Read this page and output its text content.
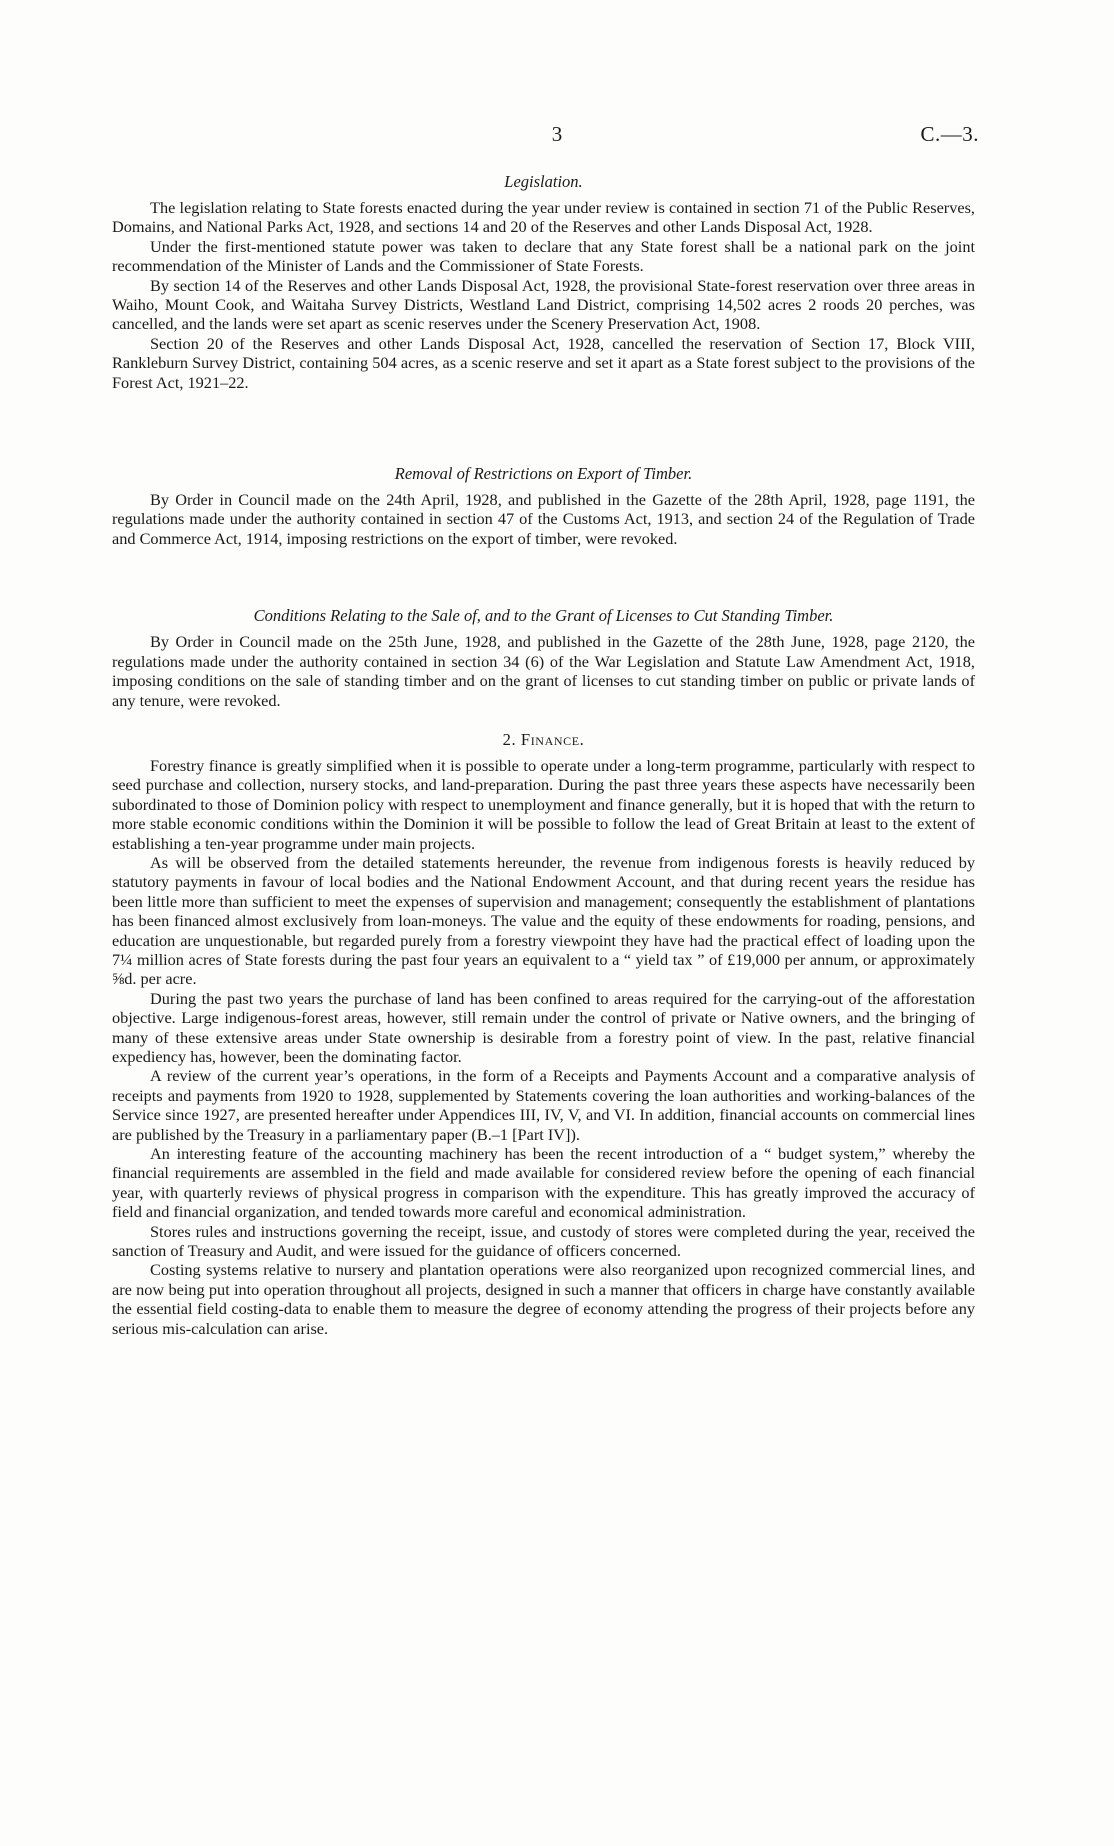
3	C.—3.
Legislation.

The legislation relating to State forests enacted during the year under review is contained in section 71 of the Public Reserves, Domains, and National Parks Act, 1928, and sections 14 and 20 of the Reserves and other Lands Disposal Act, 1928.

Under the first-mentioned statute power was taken to declare that any State forest shall be a national park on the joint recommendation of the Minister of Lands and the Commissioner of State Forests.

By section 14 of the Reserves and other Lands Disposal Act, 1928, the provisional State-forest reservation over three areas in Waiho, Mount Cook, and Waitaha Survey Districts, Westland Land District, comprising 14,502 acres 2 roods 20 perches, was cancelled, and the lands were set apart as scenic reserves under the Scenery Preservation Act, 1908.

Section 20 of the Reserves and other Lands Disposal Act, 1928, cancelled the reservation of Section 17, Block VIII, Rankleburn Survey District, containing 504 acres, as a scenic reserve and set it apart as a State forest subject to the provisions of the Forest Act, 1921–22.

Removal of Restrictions on Export of Timber.

By Order in Council made on the 24th April, 1928, and published in the Gazette of the 28th April, 1928, page 1191, the regulations made under the authority contained in section 47 of the Customs Act, 1913, and section 24 of the Regulation of Trade and Commerce Act, 1914, imposing restrictions on the export of timber, were revoked.

Conditions Relating to the Sale of, and to the Grant of Licenses to Cut Standing Timber.

By Order in Council made on the 25th June, 1928, and published in the Gazette of the 28th June, 1928, page 2120, the regulations made under the authority contained in section 34 (6) of the War Legislation and Statute Law Amendment Act, 1918, imposing conditions on the sale of standing timber and on the grant of licenses to cut standing timber on public or private lands of any tenure, were revoked.

2. Finance.

Forestry finance is greatly simplified when it is possible to operate under a long-term programme, particularly with respect to seed purchase and collection, nursery stocks, and land-preparation. During the past three years these aspects have necessarily been subordinated to those of Dominion policy with respect to unemployment and finance generally, but it is hoped that with the return to more stable economic conditions within the Dominion it will be possible to follow the lead of Great Britain at least to the extent of establishing a ten-year programme under main projects.

As will be observed from the detailed statements hereunder, the revenue from indigenous forests is heavily reduced by statutory payments in favour of local bodies and the National Endowment Account, and that during recent years the residue has been little more than sufficient to meet the expenses of supervision and management; consequently the establishment of plantations has been financed almost exclusively from loan-moneys. The value and the equity of these endowments for roading, pensions, and education are unquestionable, but regarded purely from a forestry viewpoint they have had the practical effect of loading upon the 7¼ million acres of State forests during the past four years an equivalent to a “ yield tax ” of £19,000 per annum, or approximately ⅝d. per acre.

During the past two years the purchase of land has been confined to areas required for the carrying-out of the afforestation objective. Large indigenous-forest areas, however, still remain under the control of private or Native owners, and the bringing of many of these extensive areas under State ownership is desirable from a forestry point of view. In the past, relative financial expediency has, however, been the dominating factor.

A review of the current year’s operations, in the form of a Receipts and Payments Account and a comparative analysis of receipts and payments from 1920 to 1928, supplemented by Statements covering the loan authorities and working-balances of the Service since 1927, are presented hereafter under Appendices III, IV, V, and VI. In addition, financial accounts on commercial lines are published by the Treasury in a parliamentary paper (B.–1 [Part IV]).

An interesting feature of the accounting machinery has been the recent introduction of a “ budget system,” whereby the financial requirements are assembled in the field and made available for considered review before the opening of each financial year, with quarterly reviews of physical progress in comparison with the expenditure. This has greatly improved the accuracy of field and financial organization, and tended towards more careful and economical administration.

Stores rules and instructions governing the receipt, issue, and custody of stores were completed during the year, received the sanction of Treasury and Audit, and were issued for the guidance of officers concerned.

Costing systems relative to nursery and plantation operations were also reorganized upon recognized commercial lines, and are now being put into operation throughout all projects, designed in such a manner that officers in charge have constantly available the essential field costing-data to enable them to measure the degree of economy attending the progress of their projects before any serious mis-calculation can arise.
